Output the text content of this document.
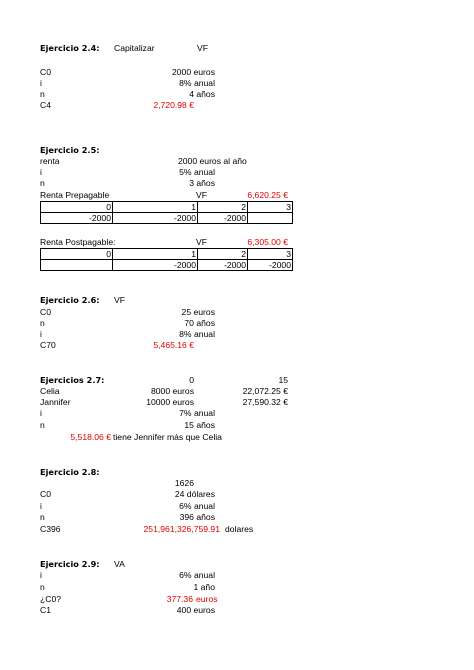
Ejercicio 2.4: Capitalizar	VF
C0	2000 euros
i	8% anual
n	4 años
C4	2,720.98 €
Ejercicio 2.5:
renta	2000 euros al año
i	5% anual
n	3 años
Renta Prepagable	VF	6,620.25 €
0	1	2	3
-2000	-2000	-2000	
Renta Postpagable:	VF	6,305.00 €
0	1	2	3
	-2000	-2000	-2000
Ejercicio 2.6: VF
C0	25 euros
n	70 años
i	8% anual
C70	5,465.16 €
Ejercicios 2.7:	0	15
Celia	8000 euros	22,072.25 €
Jannifer	10000 euros	27,590.32 €
i	7% anual
n	15 años
5,518.06 € tiene Jennifer más que Celia
Ejercicio 2.8:
1626
C0	24 dólares
i	6% anual
n	396 años
C396	251,961,326,759.91 dolares
Ejercicio 2.9: VA
i	6% anual
n	1 año
¿C0?	377.36 euros
C1	400 euros
